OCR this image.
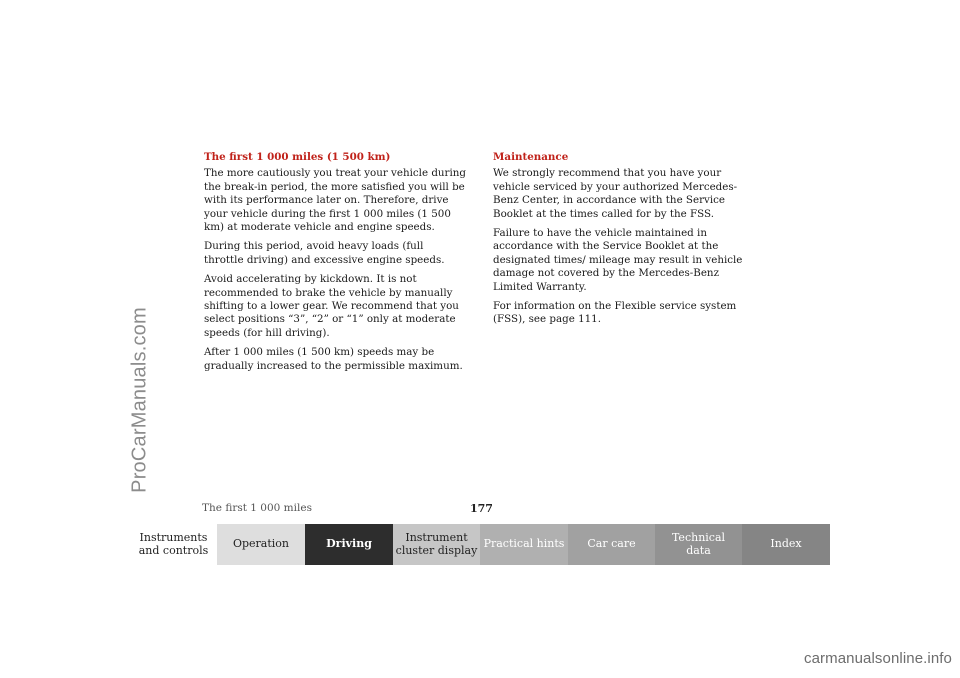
ProCarManuals.com

The first 1 000 miles (1 500 km)

The more cautiously you treat your vehicle during the break-in period, the more satisfied you will be with its performance later on. Therefore, drive your vehicle during the first 1 000 miles (1 500 km) at moderate vehicle and engine speeds.

During this period, avoid heavy loads (full throttle driving) and excessive engine speeds.

Avoid accelerating by kickdown. It is not recommended to brake the vehicle by manually shifting to a lower gear. We recommend that you select positions “3”, “2” or “1” only at moderate speeds (for hill driving).

After 1 000 miles (1 500 km) speeds may be gradually increased to the permissible maximum.

Maintenance

We strongly recommend that you have your vehicle serviced by your authorized Mercedes-Benz Center, in accordance with the Service Booklet at the times called for by the FSS.

Failure to have the vehicle maintained in accordance with the Service Booklet at the designated times/ mileage may result in vehicle damage not covered by the Mercedes-Benz Limited Warranty.

For information on the Flexible service system (FSS), see page 111.

The first 1 000 miles	177
Instruments
and controls Operation	Driving	Instrument
cluster display Practical hints Car care	Technical
data	Index
carmanualsonline.info
